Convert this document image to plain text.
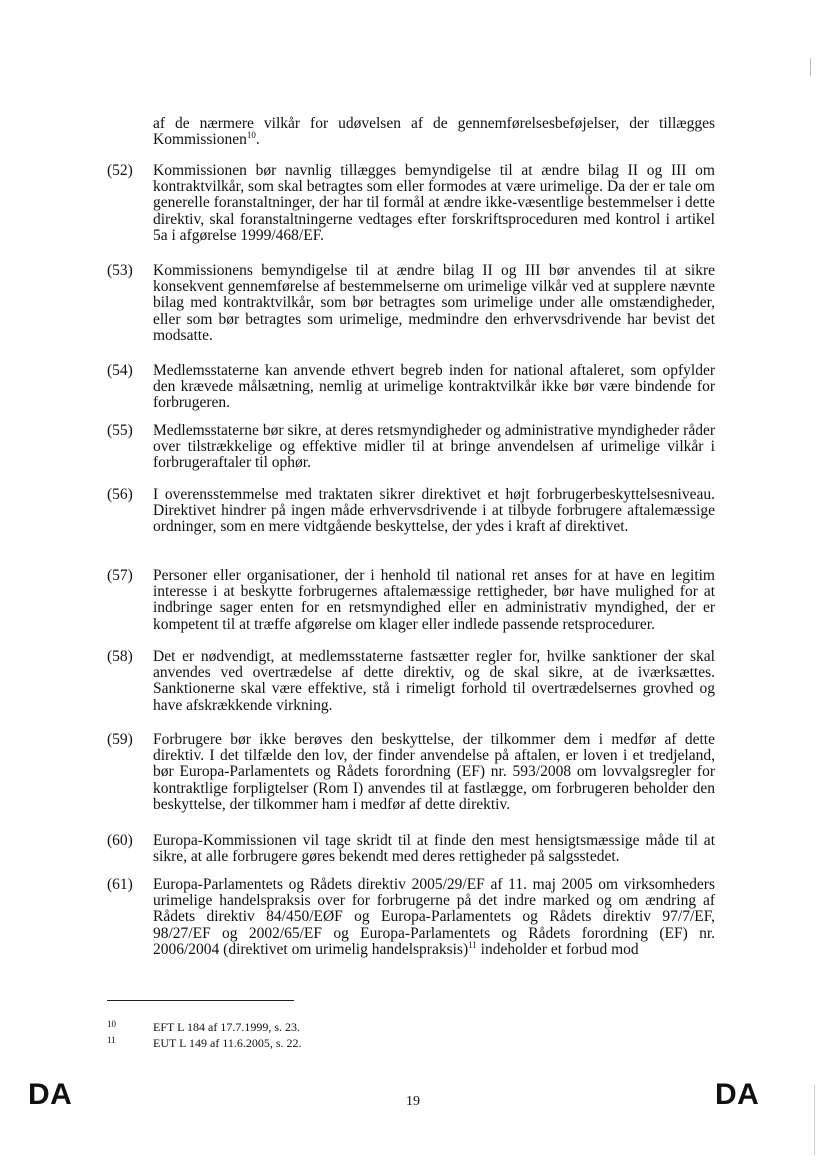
af de nærmere vilkår for udøvelsen af de gennemførelsesbeføjelser, der tillægges Kommissionen$^{10}$.
(52)	Kommissionen bør navnlig tillægges bemyndigelse til at ændre bilag II og III om kontraktvilkår, som skal betragtes som eller formodes at være urimelige. Da der er tale om generelle foranstaltninger, der har til formål at ændre ikke-væsentlige bestemmelser i dette direktiv, skal foranstaltningerne vedtages efter forskriftsproceduren med kontrol i artikel 5a i afgørelse 1999/468/EF.
(53)	Kommissionens bemyndigelse til at ændre bilag II og III bør anvendes til at sikre konsekvent gennemførelse af bestemmelserne om urimelige vilkår ved at supplere nævnte bilag med kontraktvilkår, som bør betragtes som urimelige under alle omstændigheder, eller som bør betragtes som urimelige, medmindre den erhvervsdrivende har bevist det modsatte.
(54)	Medlemsstaterne kan anvende ethvert begreb inden for national aftaleret, som opfylder den krævede målsætning, nemlig at urimelige kontraktvilkår ikke bør være bindende for forbrugeren.
(55)	Medlemsstaterne bør sikre, at deres retsmyndigheder og administrative myndigheder råder over tilstrækkelige og effektive midler til at bringe anvendelsen af urimelige vilkår i forbrugeraftaler til ophør.
(56)	I overensstemmelse med traktaten sikrer direktivet et højt forbrugerbeskyttelsesniveau. Direktivet hindrer på ingen måde erhvervsdrivende i at tilbyde forbrugere aftalemæssige ordninger, som en mere vidtgående beskyttelse, der ydes i kraft af direktivet.
(57)	Personer eller organisationer, der i henhold til national ret anses for at have en legitim interesse i at beskytte forbrugernes aftalemæssige rettigheder, bør have mulighed for at indbringe sager enten for en retsmyndighed eller en administrativ myndighed, der er kompetent til at træffe afgørelse om klager eller indlede passende retsprocedurer.
(58)	Det er nødvendigt, at medlemsstaterne fastsætter regler for, hvilke sanktioner der skal anvendes ved overtrædelse af dette direktiv, og de skal sikre, at de iværksættes. Sanktionerne skal være effektive, stå i rimeligt forhold til overtrædelsernes grovhed og have afskrækkende virkning.
(59)	Forbrugere bør ikke berøves den beskyttelse, der tilkommer dem i medfør af dette direktiv. I det tilfælde den lov, der finder anvendelse på aftalen, er loven i et tredjeland, bør Europa-Parlamentets og Rådets forordning (EF) nr. 593/2008 om lovvalgsregler for kontraktlige forpligtelser (Rom I) anvendes til at fastlægge, om forbrugeren beholder den beskyttelse, der tilkommer ham i medfør af dette direktiv.
(60)	Europa-Kommissionen vil tage skridt til at finde den mest hensigtsmæssige måde til at sikre, at alle forbrugere gøres bekendt med deres rettigheder på salgsstedet.
(61)	Europa-Parlamentets og Rådets direktiv 2005/29/EF af 11. maj 2005 om virksomheders urimelige handelspraksis over for forbrugerne på det indre marked og om ændring af Rådets direktiv 84/450/EØF og Europa-Parlamentets og Rådets direktiv 97/7/EF, 98/27/EF og 2002/65/EF og Europa-Parlamentets og Rådets forordning (EF) nr. 2006/2004 (direktivet om urimelig handelspraksis)$^{11}$ indeholder et forbud mod
10	EFT L 184 af 17.7.1999, s. 23.
11	EUT L 149 af 11.6.2005, s. 22.
DA	19	DA
